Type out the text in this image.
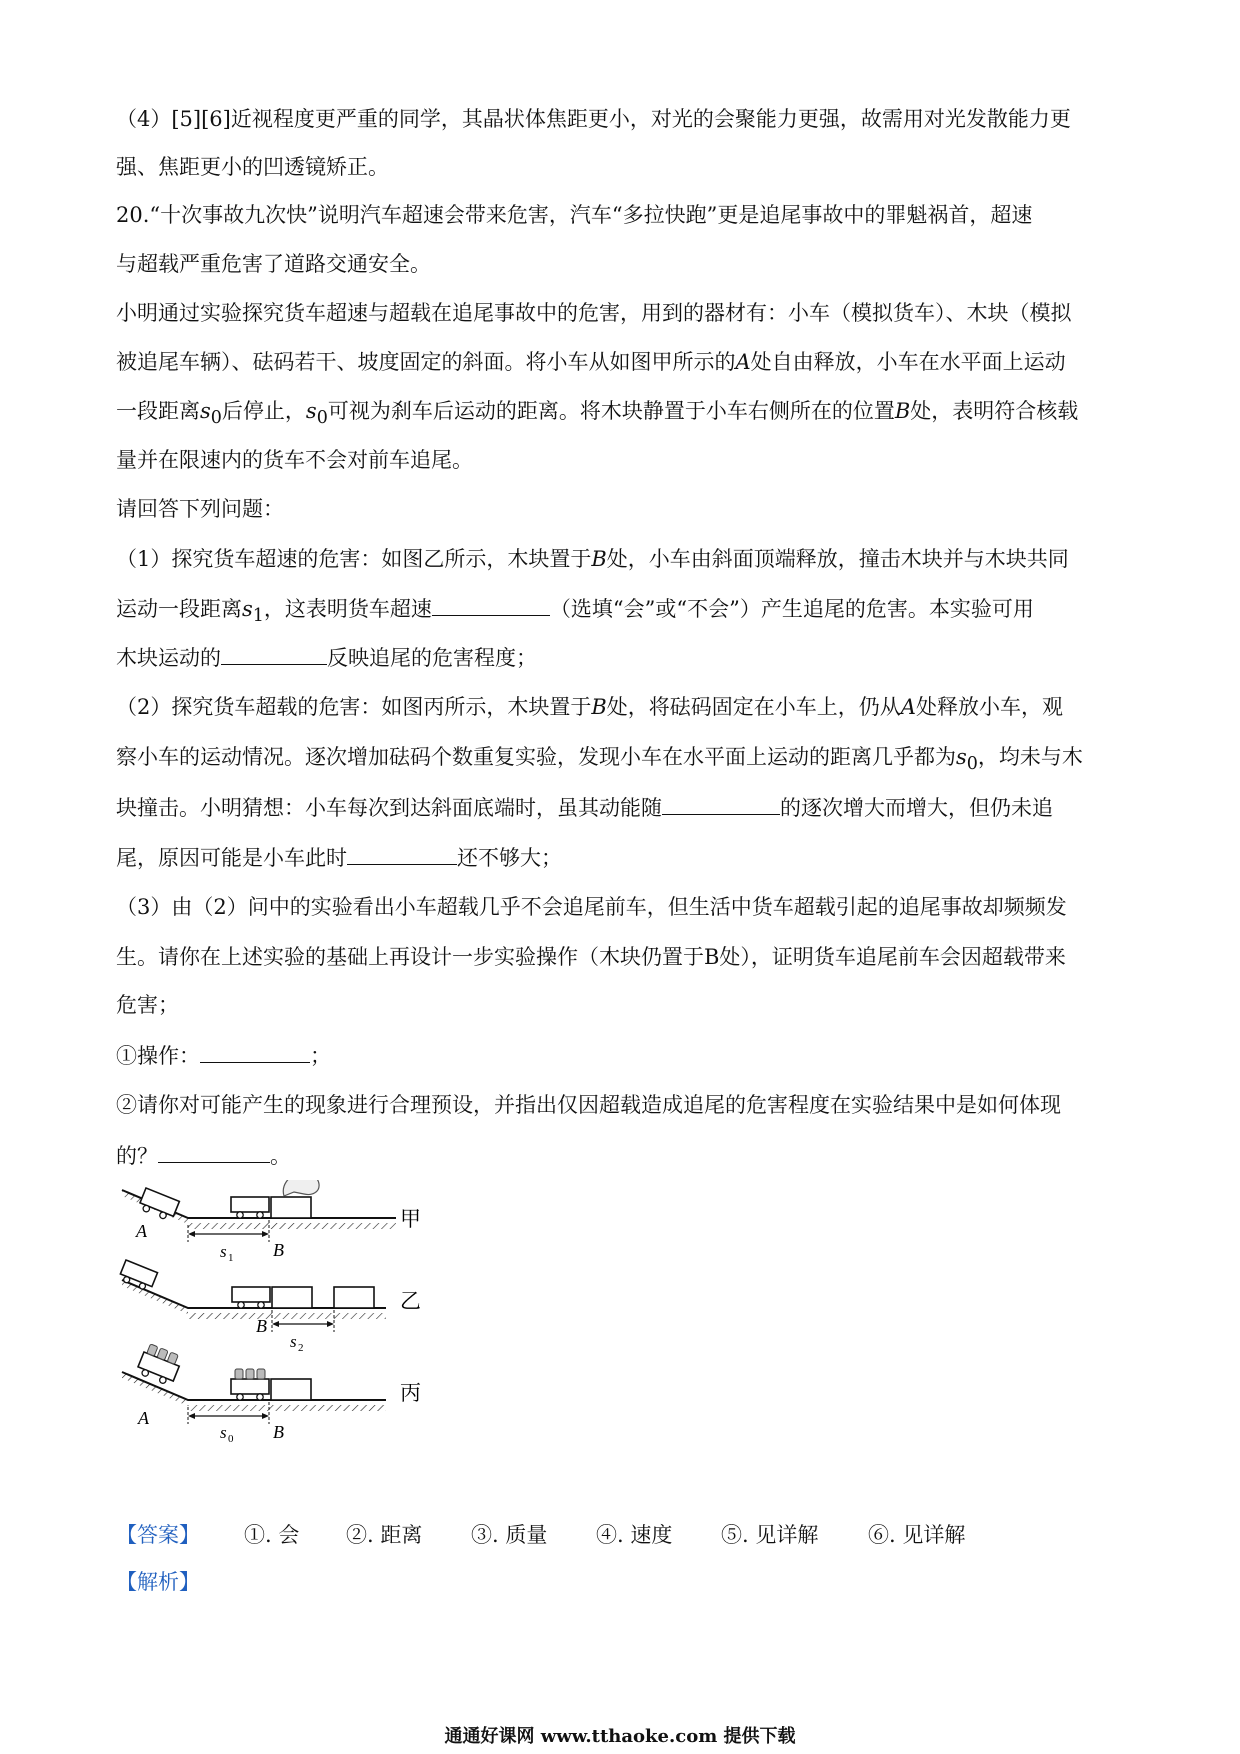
（4）[5][6]近视程度更严重的同学，其晶状体焦距更小，对光的会聚能力更强，故需用对光发散能力更
强、焦距更小的凹透镜矫正。
20.“十次事故九次快”说明汽车超速会带来危害，汽车“多拉快跑”更是追尾事故中的罪魁祸首，超速
与超载严重危害了道路交通安全。
小明通过实验探究货车超速与超载在追尾事故中的危害，用到的器材有：小车（模拟货车）、木块（模拟
被追尾车辆）、砝码若干、坡度固定的斜面。将小车从如图甲所示的A处自由释放，小车在水平面上运动
一段距离$s_0$后停止，$s_0$可视为刹车后运动的距离。将木块静置于小车右侧所在的位置B处，表明符合核载
量并在限速内的货车不会对前车追尾。
请回答下列问题：
（1）探究货车超速的危害：如图乙所示，木块置于B处，小车由斜面顶端释放，撞击木块并与木块共同
运动一段距离$s_1$，这表明货车超速	（选填“会”或“不会”）产生追尾的危害。本实验可用
木块运动的	反映追尾的危害程度；
（2）探究货车超载的危害：如图丙所示，木块置于B处，将砝码固定在小车上，仍从A处释放小车，观
察小车的运动情况。逐次增加砝码个数重复实验，发现小车在水平面上运动的距离几乎都为$s_0$，均未与木
块撞击。小明猜想：小车每次到达斜面底端时，虽其动能随	的逐次增大而增大，但仍未追
尾，原因可能是小车此时	还不够大；
（3）由（2）问中的实验看出小车超载几乎不会追尾前车，但生活中货车超载引起的追尾事故却频频发
生。请你在上述实验的基础上再设计一步实验操作（木块仍置于B处），证明货车追尾前车会因超载带来
危害；
①操作：	；
②请你对可能产生的现象进行合理预设，并指出仅因超载造成追尾的危害程度在实验结果中是如何体现
的？	。
A
s 1 B
甲
B
s 2
乙
A
s 0 B
丙
【答案】 ①. 会 ②. 距离 ③. 质量 ④. 速度 ⑤. 见详解 ⑥. 见详解
【解析】
通通好课网 www.tthaoke.com 提供下载
